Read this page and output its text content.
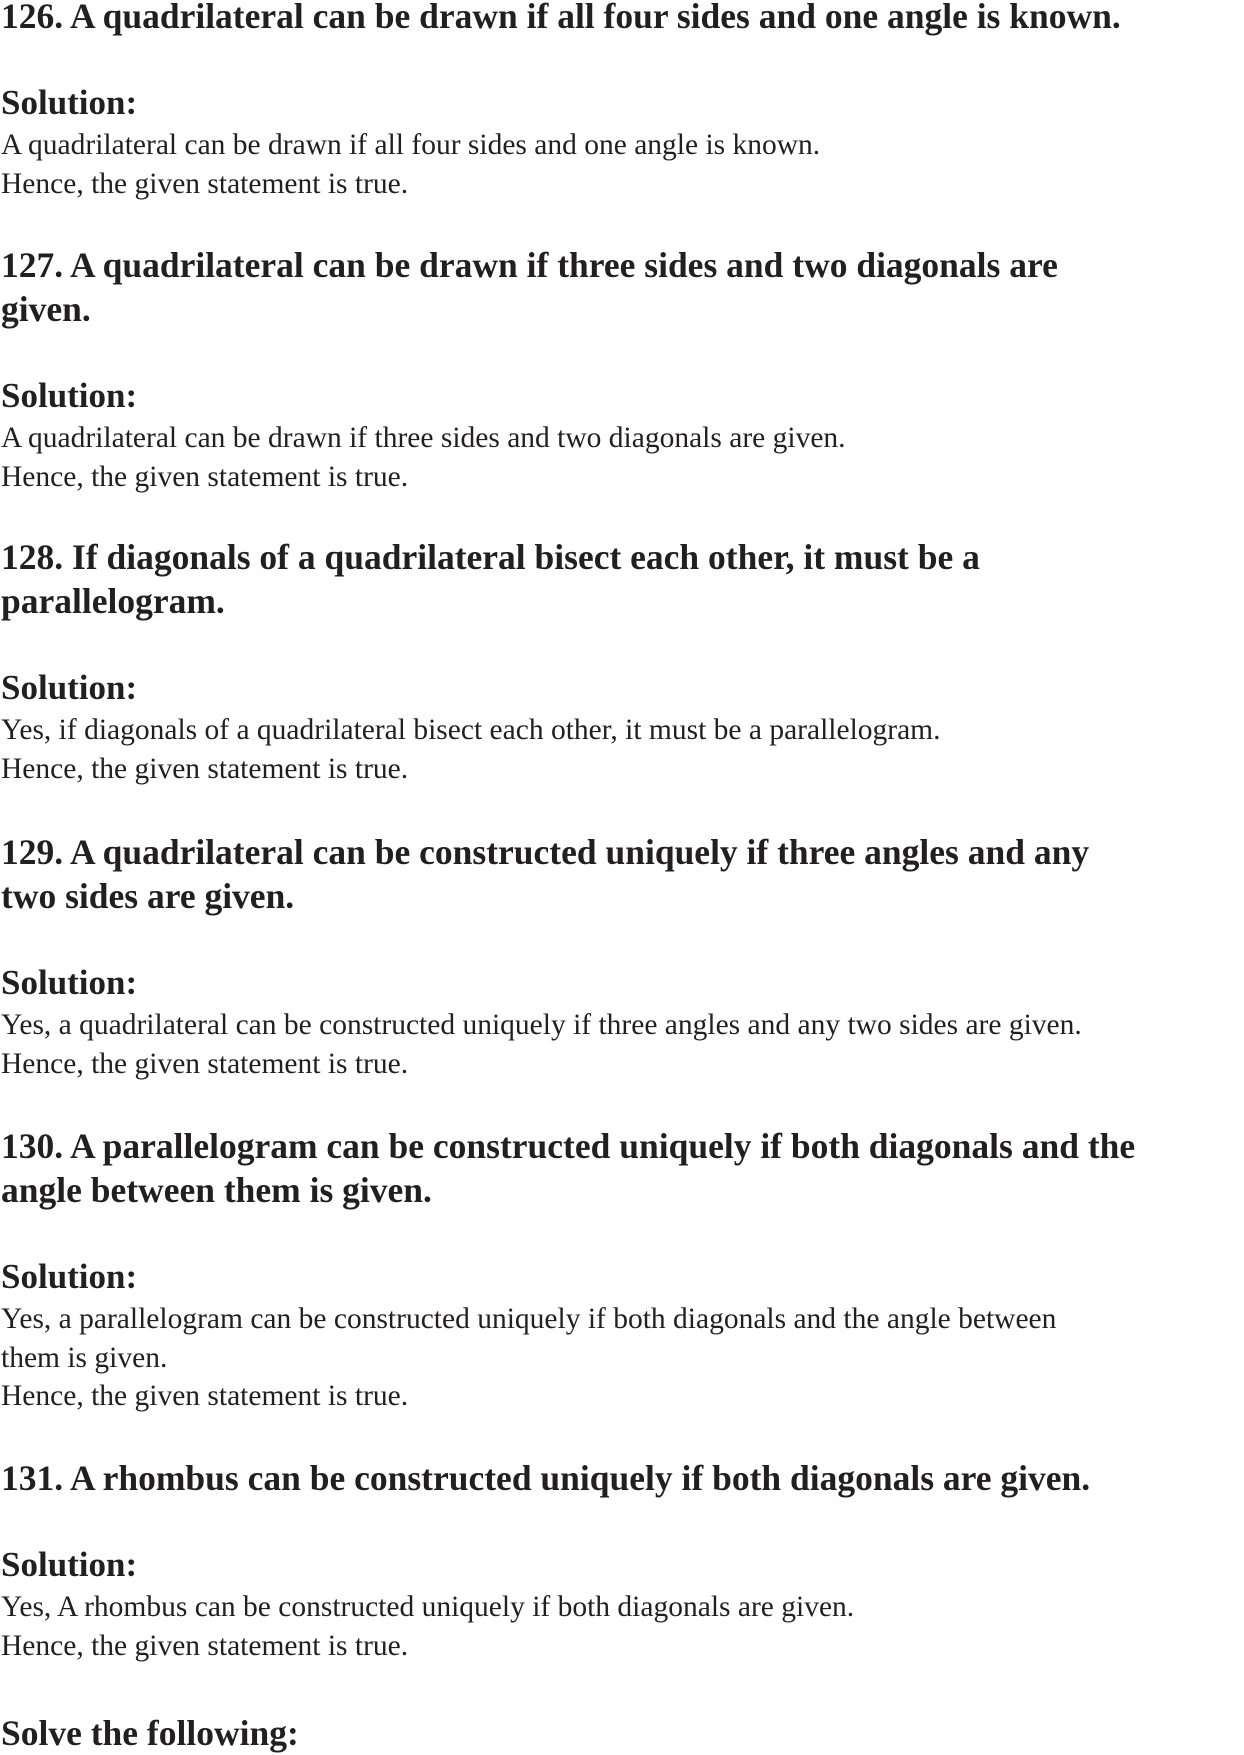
126. A quadrilateral can be drawn if all four sides and one angle is known.
Solution:
A quadrilateral can be drawn if all four sides and one angle is known.
Hence, the given statement is true.
127. A quadrilateral can be drawn if three sides and two diagonals are
given.
Solution:
A quadrilateral can be drawn if three sides and two diagonals are given.
Hence, the given statement is true.
128. If diagonals of a quadrilateral bisect each other, it must be a
parallelogram.
Solution:
Yes, if diagonals of a quadrilateral bisect each other, it must be a parallelogram.
Hence, the given statement is true.
129. A quadrilateral can be constructed uniquely if three angles and any
two sides are given.
Solution:
Yes, a quadrilateral can be constructed uniquely if three angles and any two sides are given.
Hence, the given statement is true.
130. A parallelogram can be constructed uniquely if both diagonals and the
angle between them is given.
Solution:
Yes, a parallelogram can be constructed uniquely if both diagonals and the angle between
them is given.
Hence, the given statement is true.
131. A rhombus can be constructed uniquely if both diagonals are given.
Solution:
Yes, A rhombus can be constructed uniquely if both diagonals are given.
Hence, the given statement is true.
Solve the following:
